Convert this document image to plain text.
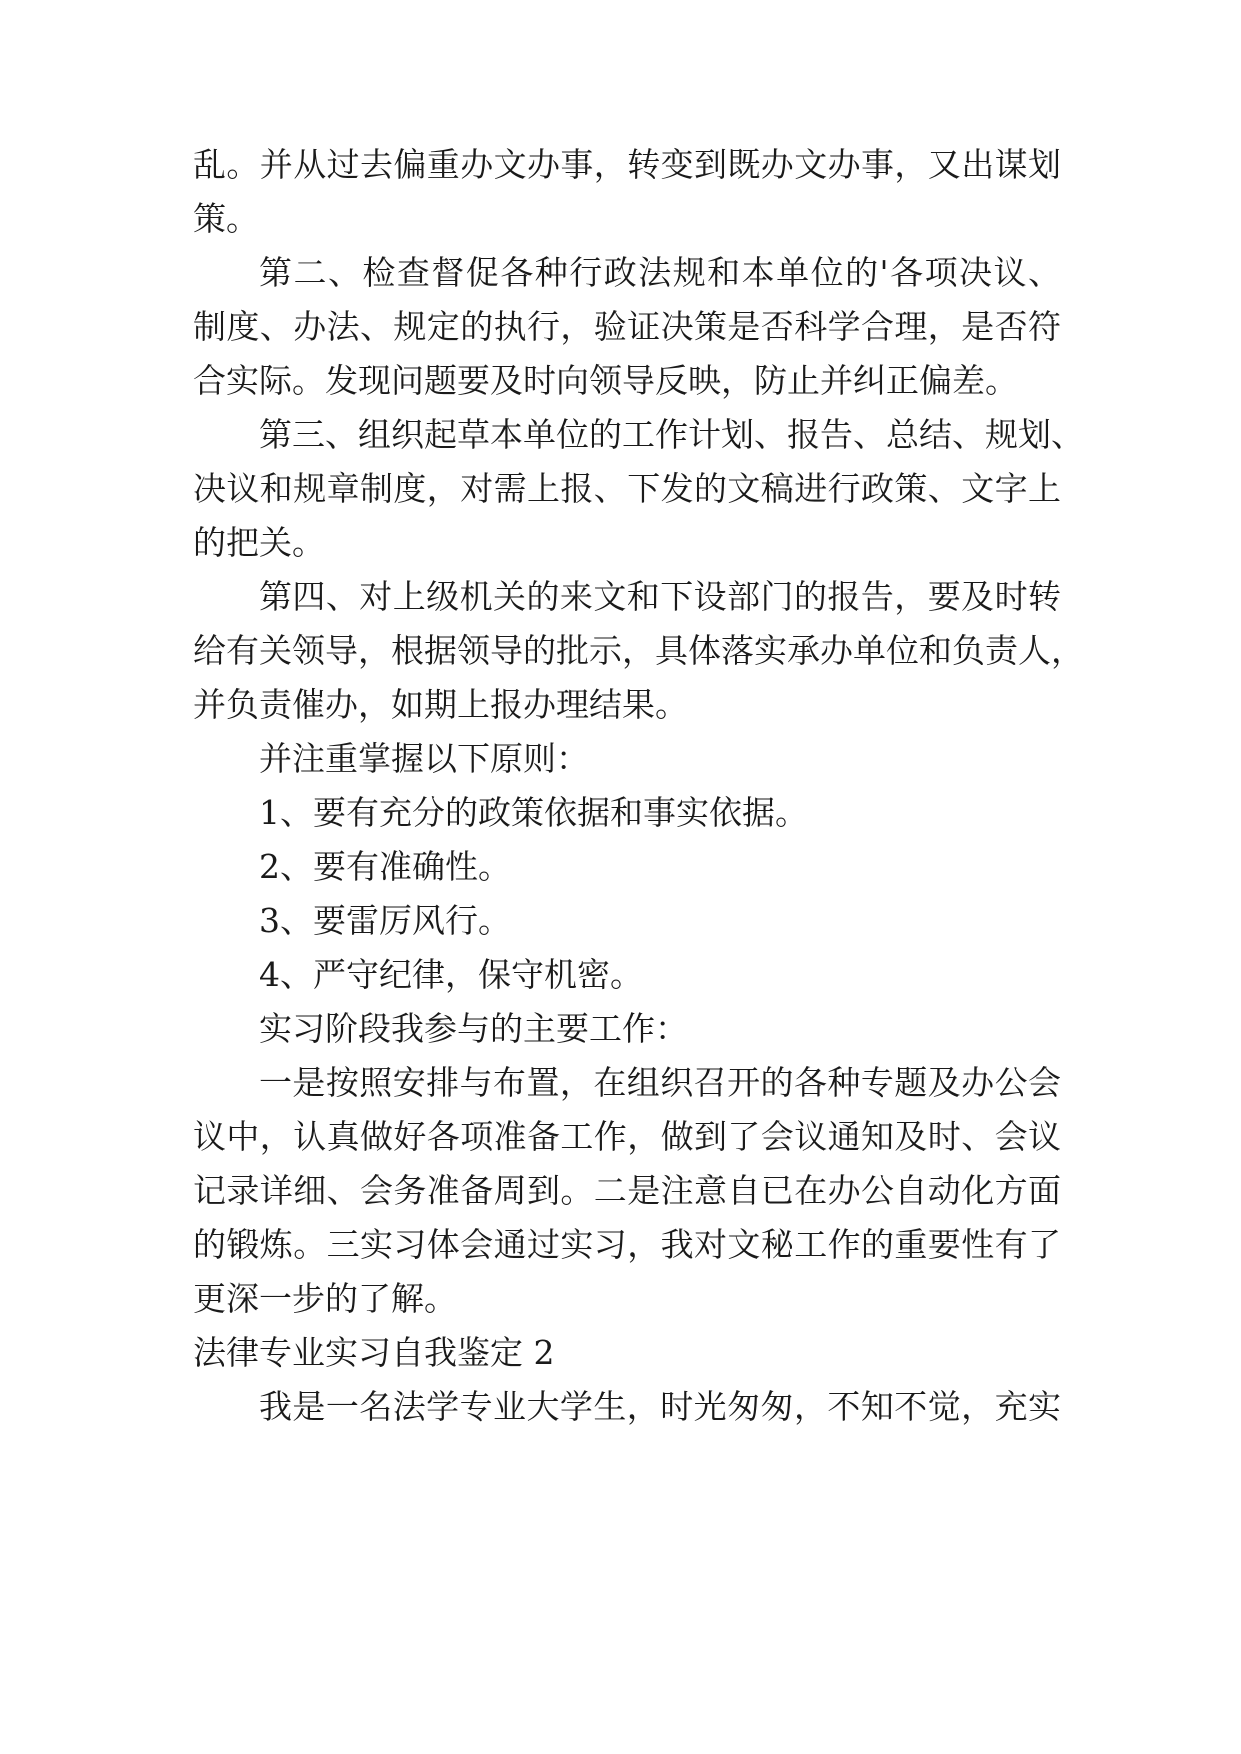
乱。并从过去偏重办文办事，转变到既办文办事，又出谋划

策。

第二、检查督促各种行政法规和本单位的'各项决议、

制度、办法、规定的执行，验证决策是否科学合理，是否符

合实际。发现问题要及时向领导反映，防止并纠正偏差。

第三、组织起草本单位的工作计划、报告、总结、规划、

决议和规章制度，对需上报、下发的文稿进行政策、文字上

的把关。

第四、对上级机关的来文和下设部门的报告，要及时转

给有关领导，根据领导的批示，具体落实承办单位和负责人，

并负责催办，如期上报办理结果。

并注重掌握以下原则：

1、要有充分的政策依据和事实依据。

2、要有准确性。

3、要雷厉风行。

4、严守纪律，保守机密。

实习阶段我参与的主要工作：

一是按照安排与布置，在组织召开的各种专题及办公会

议中，认真做好各项准备工作，做到了会议通知及时、会议

记录详细、会务准备周到。二是注意自已在办公自动化方面

的锻炼。三实习体会通过实习，我对文秘工作的重要性有了

更深一步的了解。

法律专业实习自我鉴定 2

我是一名法学专业大学生，时光匆匆，不知不觉，充实
